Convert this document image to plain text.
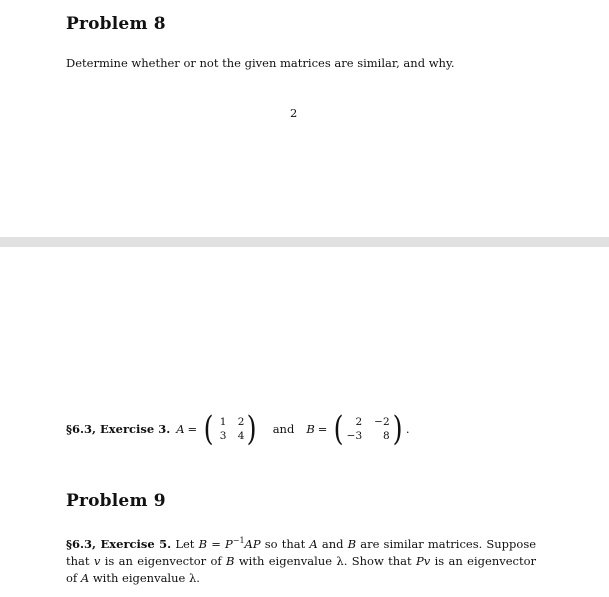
Problem 8
Determine whether or not the given matrices are similar, and why.
2
§6.3, Exercise 3. A = ( 1	2
3	4 ) and B = (	2 −2
−3	8 ) .
Problem 9
§6.3, Exercise 5. Let $B = P^{-1}AP$ so that A and B are similar matrices. Suppose that v is an eigenvector of B with eigenvalue λ. Show that Pv is an eigenvector of A with eigenvalue λ.
